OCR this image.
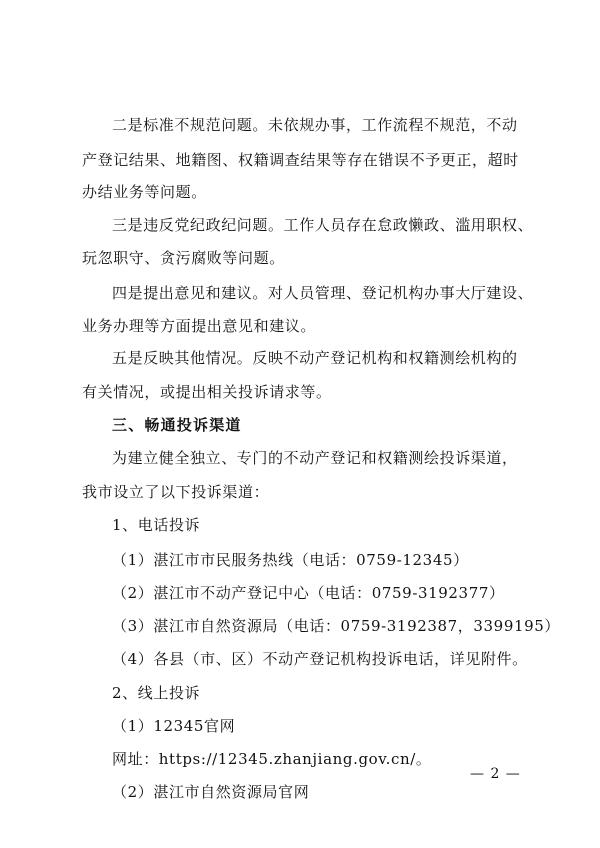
二是标准不规范问题。未依规办事，工作流程不规范，不动
产登记结果、地籍图、权籍调查结果等存在错误不予更正，超时
办结业务等问题。
三是违反党纪政纪问题。工作人员存在怠政懒政、滥用职权、
玩忽职守、贪污腐败等问题。
四是提出意见和建议。对人员管理、登记机构办事大厅建设、
业务办理等方面提出意见和建议。
五是反映其他情况。反映不动产登记机构和权籍测绘机构的
有关情况，或提出相关投诉请求等。
三、畅通投诉渠道
为建立健全独立、专门的不动产登记和权籍测绘投诉渠道，
我市设立了以下投诉渠道：
1、电话投诉
（1）湛江市市民服务热线（电话：0759-12345）
（2）湛江市不动产登记中心（电话：0759-3192377）
（3）湛江市自然资源局（电话：0759-3192387，3399195）
（4）各县（市、区）不动产登记机构投诉电话，详见附件。
2、线上投诉
（1）12345官网
网址：https://12345.zhanjiang.gov.cn/。
（2）湛江市自然资源局官网
— 2 —
